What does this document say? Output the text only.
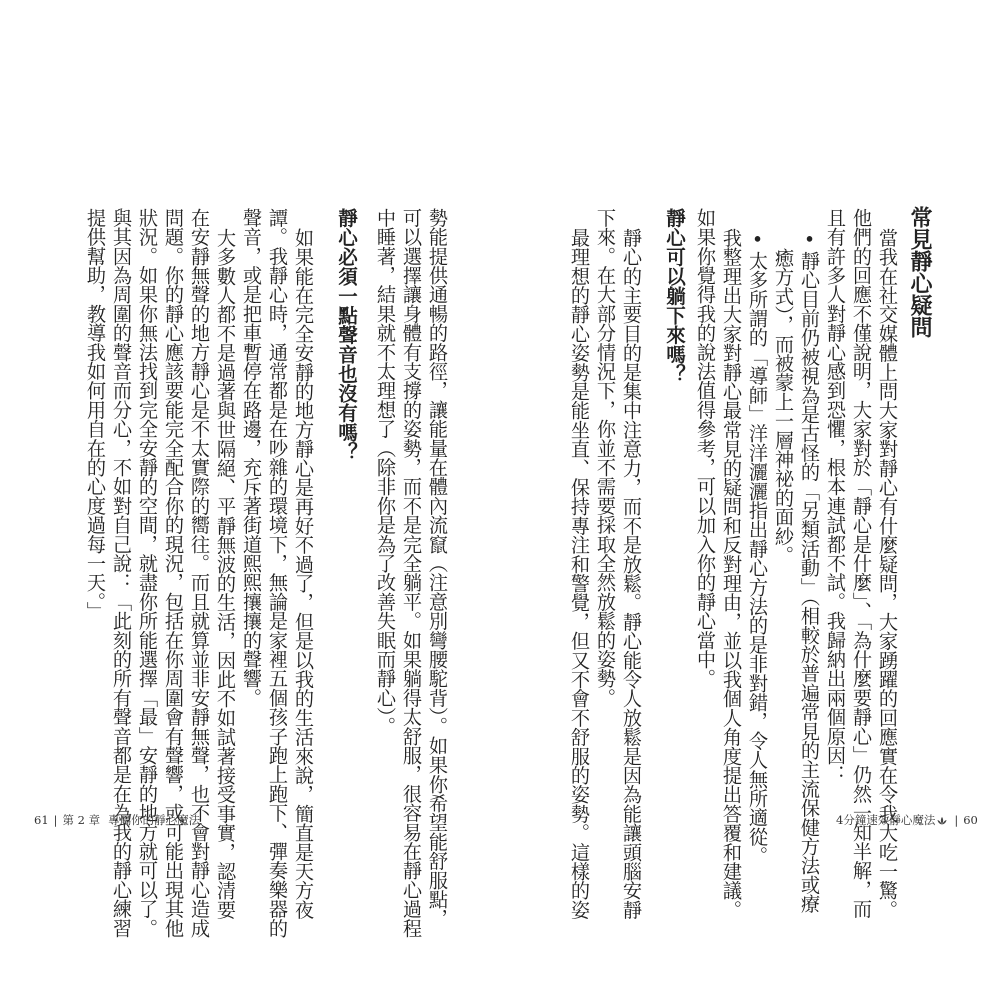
常見靜心疑問
當我在社交媒體上問大家對靜心有什麼疑問，大家踴躍的回應實在令我大吃一驚。
他們的回應不僅說明，大家對於「靜心是什麼」、「為什麼要靜心」仍然一知半解，而
且有許多人對靜心感到恐懼，根本連試都不試。我歸納出兩個原因：
•靜心目前仍被視為是古怪的「另類活動」（相較於普遍常見的主流保健方法或療
癒方式），而被蒙上一層神祕的面紗。
•太多所謂的「導師」洋洋灑灑指出靜心方法的是非對錯，令人無所適從。
我整理出大家對靜心最常見的疑問和反對理由，並以我個人角度提出答覆和建議。
如果你覺得我的說法值得參考，可以加入你的靜心當中。
靜心可以躺下來嗎？
靜心的主要目的是集中注意力，而不是放鬆。靜心能令人放鬆是因為能讓頭腦安靜
下來。在大部分情況下，你並不需要採取全然放鬆的姿勢。
最理想的靜心姿勢是能坐直、保持專注和警覺，但又不會不舒服的姿勢。這樣的姿	4分鐘速效靜心魔法 | 60
勢能提供通暢的路徑，讓能量在體內流竄（注意別彎腰駝背）。如果你希望能舒服點，
可以選擇讓身體有支撐的姿勢，而不是完全躺平。如果躺得太舒服，很容易在靜心過程
中睡著，結果就不太理想了（除非你是為了改善失眠而靜心）。
靜心必須一點聲音也沒有嗎？
如果能在完全安靜的地方靜心是再好不過了，但是以我的生活來說，簡直是天方夜
譚。我靜心時，通常都是在吵雜的環境下，無論是家裡五個孩子跑上跑下、彈奏樂器的
聲音，或是把車暫停在路邊，充斥著街道熙熙攘攘的聲響。
大多數人都不是過著與世隔絕、平靜無波的生活，因此不如試著接受事實，認清要
在安靜無聲的地方靜心是不太實際的嚮往。而且就算並非安靜無聲，也不會對靜心造成
問題。你的靜心應該要能完全配合你的現況，包括在你周圍會有聲響，或可能出現其他
狀況。如果你無法找到完全安靜的空間，就盡你所能選擇「最」安靜的地方就可以了。
與其因為周圍的聲音而分心，不如對自己說：「此刻的所有聲音都是在為我的靜心練習
提供幫助，教導我如何用自在的心度過每一天。」
61 | 第 2 章 專屬你的靜心魔法
